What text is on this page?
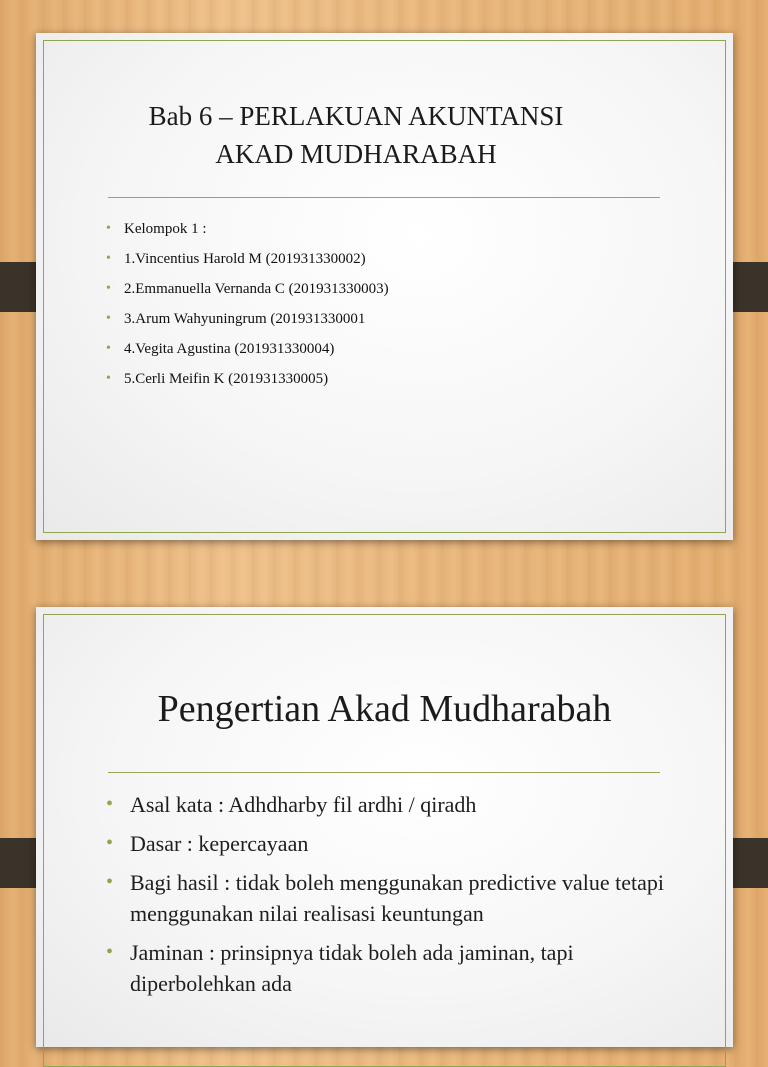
Bab 6 – PERLAKUAN AKUNTANSI
AKAD MUDHARABAH
• Kelompok 1 :
• 1.Vincentius Harold M (201931330002)
• 2.Emmanuella Vernanda C (201931330003)
• 3.Arum Wahyuningrum (201931330001
• 4.Vegita Agustina (201931330004)
• 5.Cerli Meifin K (201931330005)
Pengertian Akad Mudharabah
• Asal kata : Adhdharby fil ardhi / qiradh
• Dasar : kepercayaan
• Bagi hasil : tidak boleh menggunakan predictive value tetapi menggunakan nilai realisasi keuntungan
• Jaminan : prinsipnya tidak boleh ada jaminan, tapi diperbolehkan ada
